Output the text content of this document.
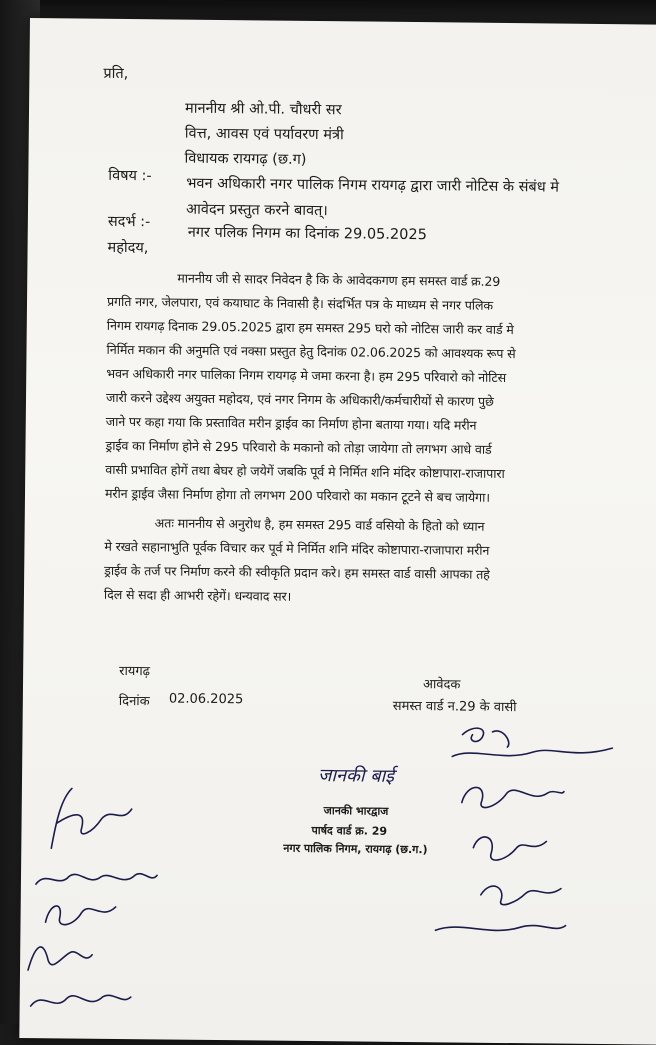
प्रति,
माननीय श्री ओ.पी. चौधरी सर
वित्त, आवस एवं पर्यावरण मंत्री
विधायक रायगढ़ (छ.ग)
विषय :- भवन अधिकारी नगर पालिक निगम रायगढ़ द्वारा जारी नोटिस के संबंध मे
आवेदन प्रस्तुत करने बावत्।
सदर्भ :-
नगर पलिक निगम का दिनांक 29.05.2025
महोदय,
माननीय जी से सादर निवेदन है कि के आवेदकगण हम समस्त वार्ड क्र.29
प्रगति नगर, जेलपारा, एवं कयाघाट के निवासी है। संदर्भित पत्र के माध्यम से नगर पलिक
निगम रायगढ़ दिनाक 29.05.2025 द्वारा हम समस्त 295 घरो को नोटिस जारी कर वार्ड मे
निर्मित मकान की अनुमति एवं नक्सा प्रस्तुत हेतु दिनांक 02.06.2025 को आवश्यक रूप से
भवन अधिकारी नगर पालिका निगम रायगढ़ मे जमा करना है। हम 295 परिवारो को नोटिस
जारी करने उद्देश्य अयुक्त महोदय, एवं नगर निगम के अधिकारी/कर्मचारीयों से कारण पुछे
जाने पर कहा गया कि प्रस्तावित मरीन ड्राईव का निर्माण होना बताया गया। यदि मरीन
ड्राईव का निर्माण होने से 295 परिवारो के मकानो को तोड़ा जायेगा तो लगभग आधे वार्ड
वासी प्रभावित होगें तथा बेघर हो जयेगें जबकि पूर्व मे निर्मित शनि मंदिर कोष्टापारा-राजापारा
मरीन ड्राईव जैसा निर्माण होगा तो लगभग 200 परिवारो का मकान टूटने से बच जायेगा।
अतः माननीय से अनुरोध है, हम समस्त 295 वार्ड वसियो के हितो को ध्यान
मे रखते सहानाभुति पूर्वक विचार कर पूर्व मे निर्मित शनि मंदिर कोष्टापारा-राजापारा मरीन
ड्राईव के तर्ज पर निर्माण करने की स्वीकृति प्रदान करे। हम समस्त वार्ड वासी आपका तहे
दिल से सदा ही आभरी रहेगें। धन्यवाद सर।
रायगढ़
दिनांक 02.06.2025
आवेदक
समस्त वार्ड न.29 के वासी
जानकी बाई
जानकी भारद्वाज
पार्षद वार्ड क्र. 29
नगर पालिक निगम, रायगढ़ (छ.ग.)
